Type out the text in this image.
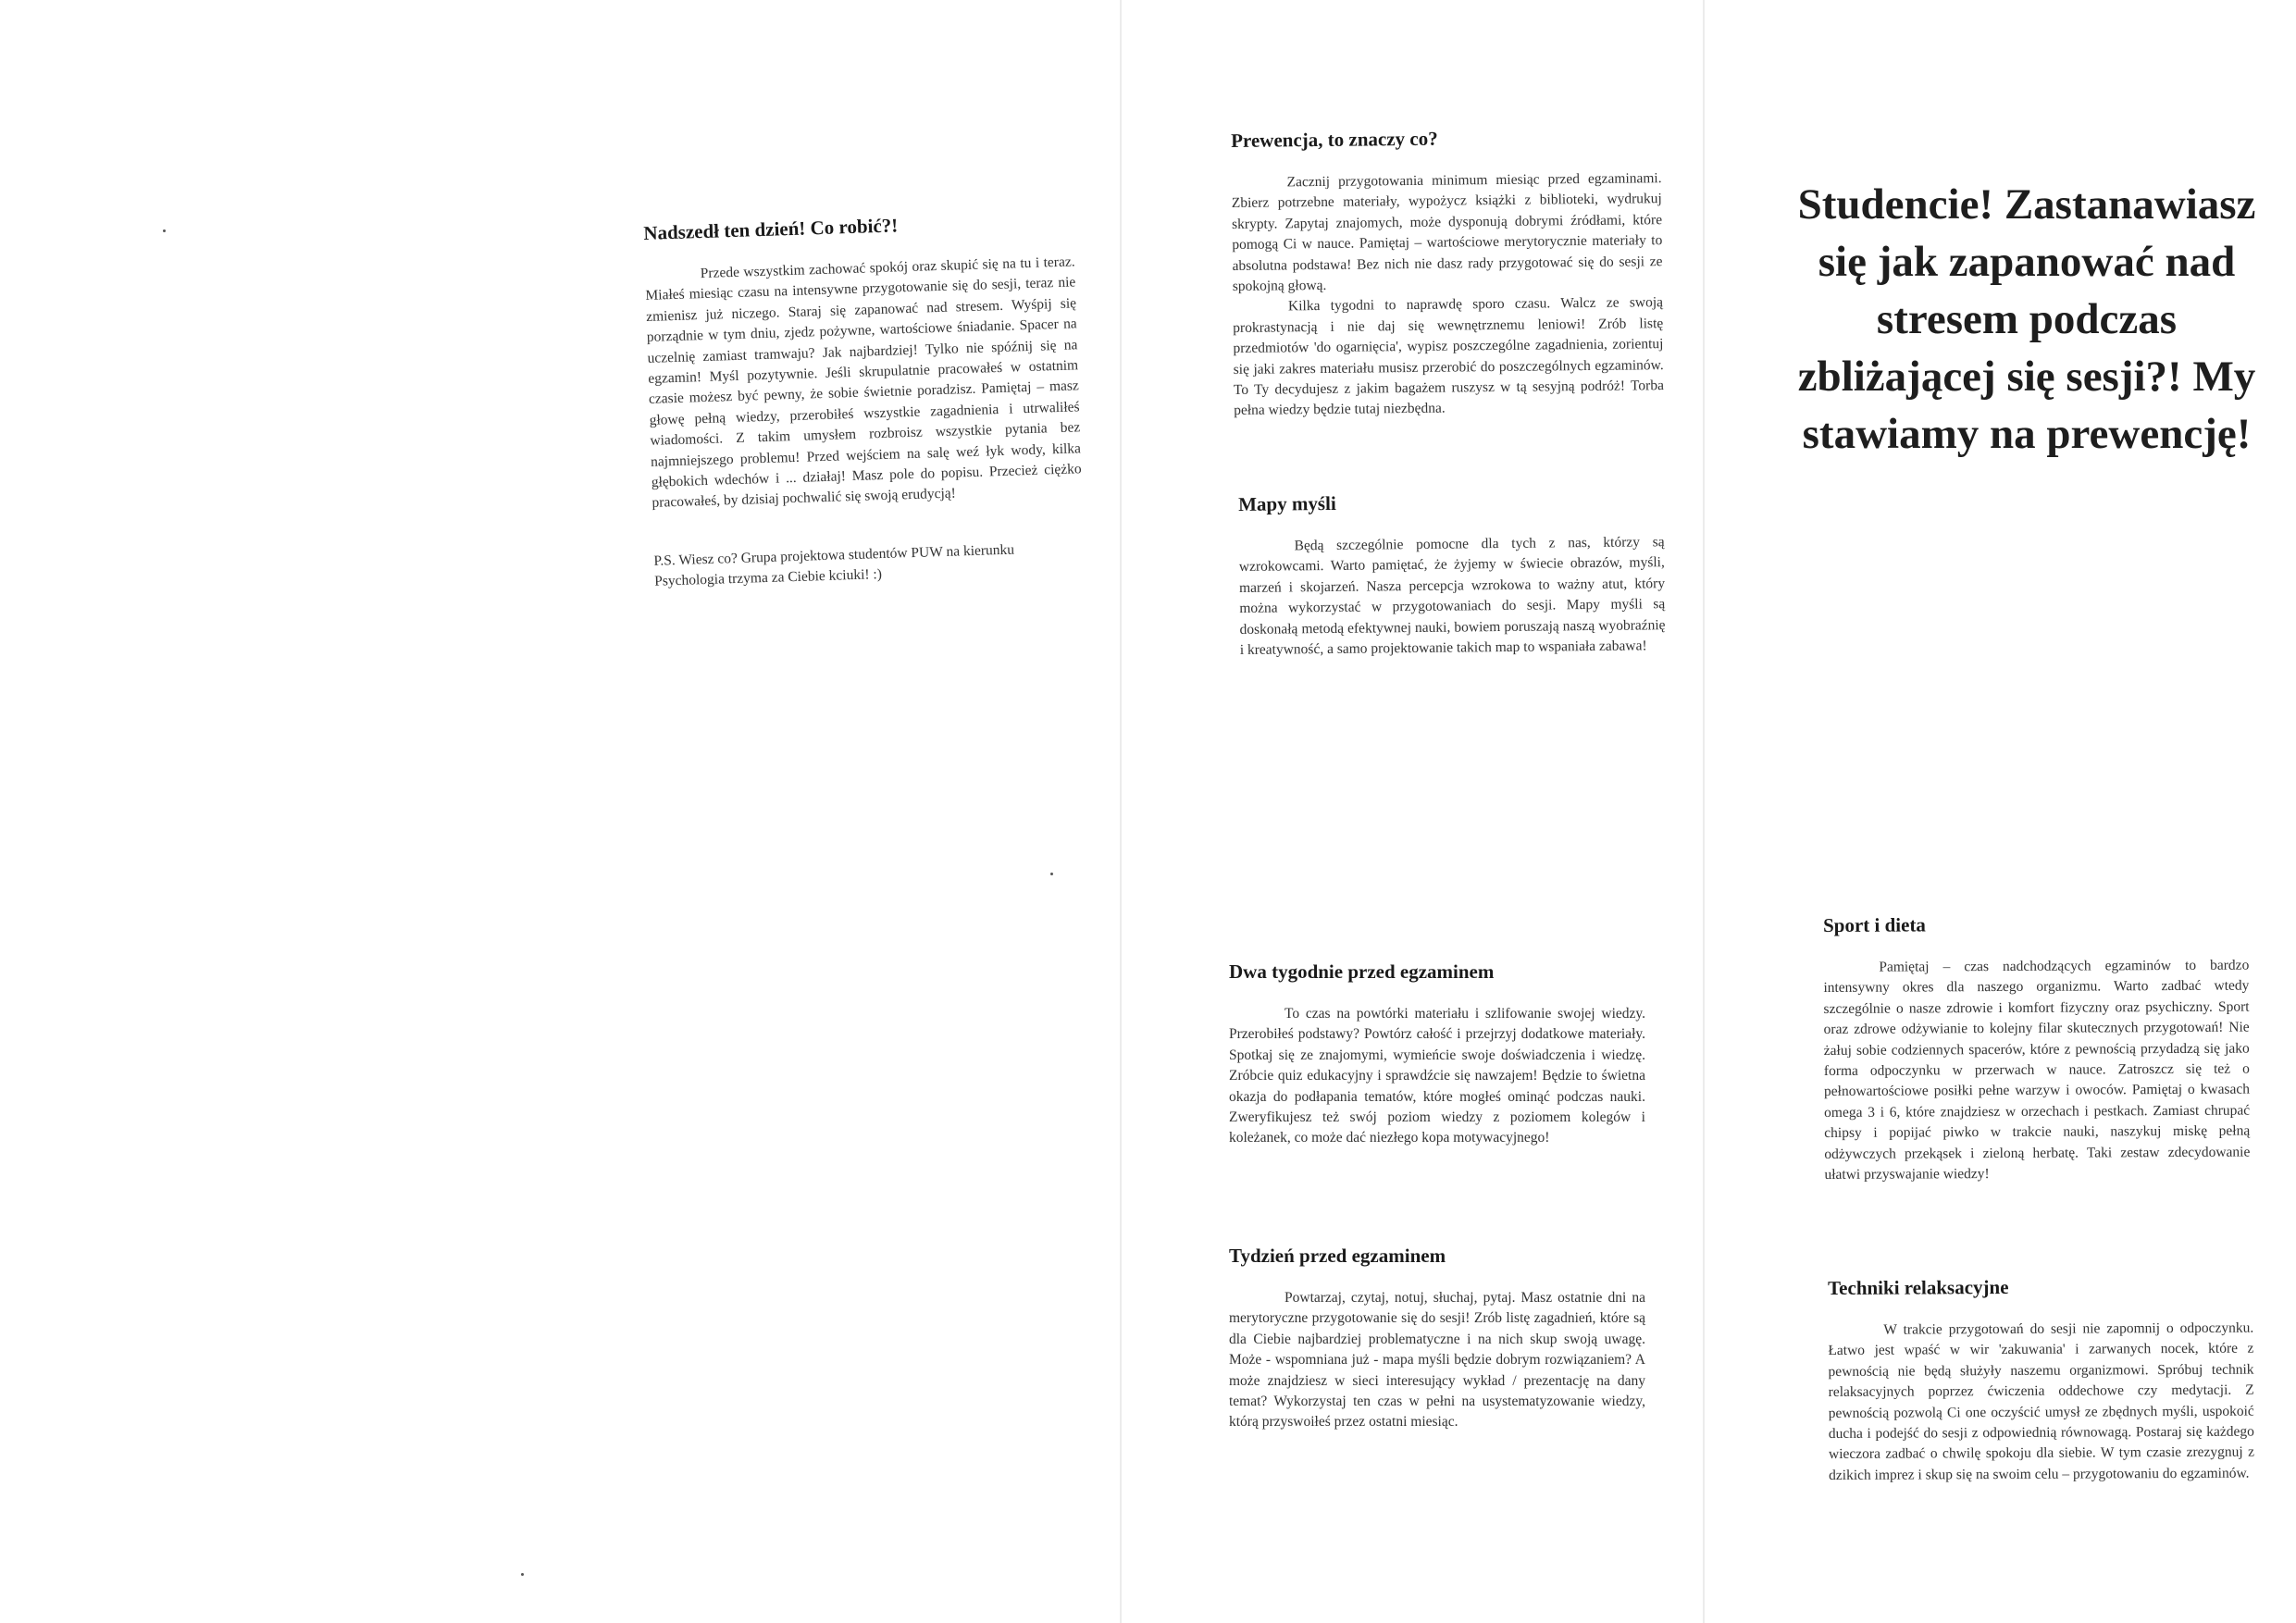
Nadszedł ten dzień! Co robić?!

Przede wszystkim zachować spokój oraz skupić się na tu i teraz. Miałeś miesiąc czasu na intensywne przygotowanie się do sesji, teraz nie zmienisz już niczego. Staraj się zapanować nad stresem. Wyśpij się porządnie w tym dniu, zjedz pożywne, wartościowe śniadanie. Spacer na uczelnię zamiast tramwaju? Jak najbardziej! Tylko nie spóźnij się na egzamin! Myśl pozytywnie. Jeśli skrupulatnie pracowałeś w ostatnim czasie możesz być pewny, że sobie świetnie poradzisz. Pamiętaj – masz głowę pełną wiedzy, przerobiłeś wszystkie zagadnienia i utrwaliłeś wiadomości. Z takim umysłem rozbroisz wszystkie pytania bez najmniejszego problemu! Przed wejściem na salę weź łyk wody, kilka głębokich wdechów i ... działaj! Masz pole do popisu. Przecież ciężko pracowałeś, by dzisiaj pochwalić się swoją erudycją!

P.S. Wiesz co? Grupa projektowa studentów PUW na kierunku Psychologia trzyma za Ciebie kciuki! :)

Prewencja, to znaczy co?

Zacznij przygotowania minimum miesiąc przed egzaminami. Zbierz potrzebne materiały, wypożycz książki z biblioteki, wydrukuj skrypty. Zapytaj znajomych, może dysponują dobrymi źródłami, które pomogą Ci w nauce. Pamiętaj – wartościowe merytorycznie materiały to absolutna podstawa! Bez nich nie dasz rady przygotować się do sesji ze spokojną głową.

Kilka tygodni to naprawdę sporo czasu. Walcz ze swoją prokrastynacją i nie daj się wewnętrznemu leniowi! Zrób listę przedmiotów 'do ogarnięcia', wypisz poszczególne zagadnienia, zorientuj się jaki zakres materiału musisz przerobić do poszczególnych egzaminów. To Ty decydujesz z jakim bagażem ruszysz w tą sesyjną podróż! Torba pełna wiedzy będzie tutaj niezbędna.

Mapy myśli

Będą szczególnie pomocne dla tych z nas, którzy są wzrokowcami. Warto pamiętać, że żyjemy w świecie obrazów, myśli, marzeń i skojarzeń. Nasza percepcja wzrokowa to ważny atut, który można wykorzystać w przygotowaniach do sesji. Mapy myśli są doskonałą metodą efektywnej nauki, bowiem poruszają naszą wyobraźnię i kreatywność, a samo projektowanie takich map to wspaniała zabawa!

Studencie! Zastanawiasz się jak zapanować nad stresem podczas zbliżającej się sesji?! My stawiamy na prewencję!
Dwa tygodnie przed egzaminem

To czas na powtórki materiału i szlifowanie swojej wiedzy. Przerobiłeś podstawy? Powtórz całość i przejrzyj dodatkowe materiały. Spotkaj się ze znajomymi, wymieńcie swoje doświadczenia i wiedzę. Zróbcie quiz edukacyjny i sprawdźcie się nawzajem! Będzie to świetna okazja do podłapania tematów, które mogłeś ominąć podczas nauki. Zweryfikujesz też swój poziom wiedzy z poziomem kolegów i koleżanek, co może dać niezłego kopa motywacyjnego!

Tydzień przed egzaminem

Powtarzaj, czytaj, notuj, słuchaj, pytaj. Masz ostatnie dni na merytoryczne przygotowanie się do sesji! Zrób listę zagadnień, które są dla Ciebie najbardziej problematyczne i na nich skup swoją uwagę. Może - wspomniana już - mapa myśli będzie dobrym rozwiązaniem? A może znajdziesz w sieci interesujący wykład / prezentację na dany temat? Wykorzystaj ten czas w pełni na usystematyzowanie wiedzy, którą przyswoiłeś przez ostatni miesiąc.

Sport i dieta

Pamiętaj – czas nadchodzących egzaminów to bardzo intensywny okres dla naszego organizmu. Warto zadbać wtedy szczególnie o nasze zdrowie i komfort fizyczny oraz psychiczny. Sport oraz zdrowe odżywianie to kolejny filar skutecznych przygotowań! Nie żałuj sobie codziennych spacerów, które z pewnością przydadzą się jako forma odpoczynku w przerwach w nauce. Zatroszcz się też o pełnowartościowe posiłki pełne warzyw i owoców. Pamiętaj o kwasach omega 3 i 6, które znajdziesz w orzechach i pestkach. Zamiast chrupać chipsy i popijać piwko w trakcie nauki, naszykuj miskę pełną odżywczych przekąsek i zieloną herbatę. Taki zestaw zdecydowanie ułatwi przyswajanie wiedzy!

Techniki relaksacyjne

W trakcie przygotowań do sesji nie zapomnij o odpoczynku. Łatwo jest wpaść w wir 'zakuwania' i zarwanych nocek, które z pewnością nie będą służyły naszemu organizmowi. Spróbuj technik relaksacyjnych poprzez ćwiczenia oddechowe czy medytacji. Z pewnością pozwolą Ci one oczyścić umysł ze zbędnych myśli, uspokoić ducha i podejść do sesji z odpowiednią równowagą. Postaraj się każdego wieczora zadbać o chwilę spokoju dla siebie. W tym czasie zrezygnuj z dzikich imprez i skup się na swoim celu – przygotowaniu do egzaminów.
